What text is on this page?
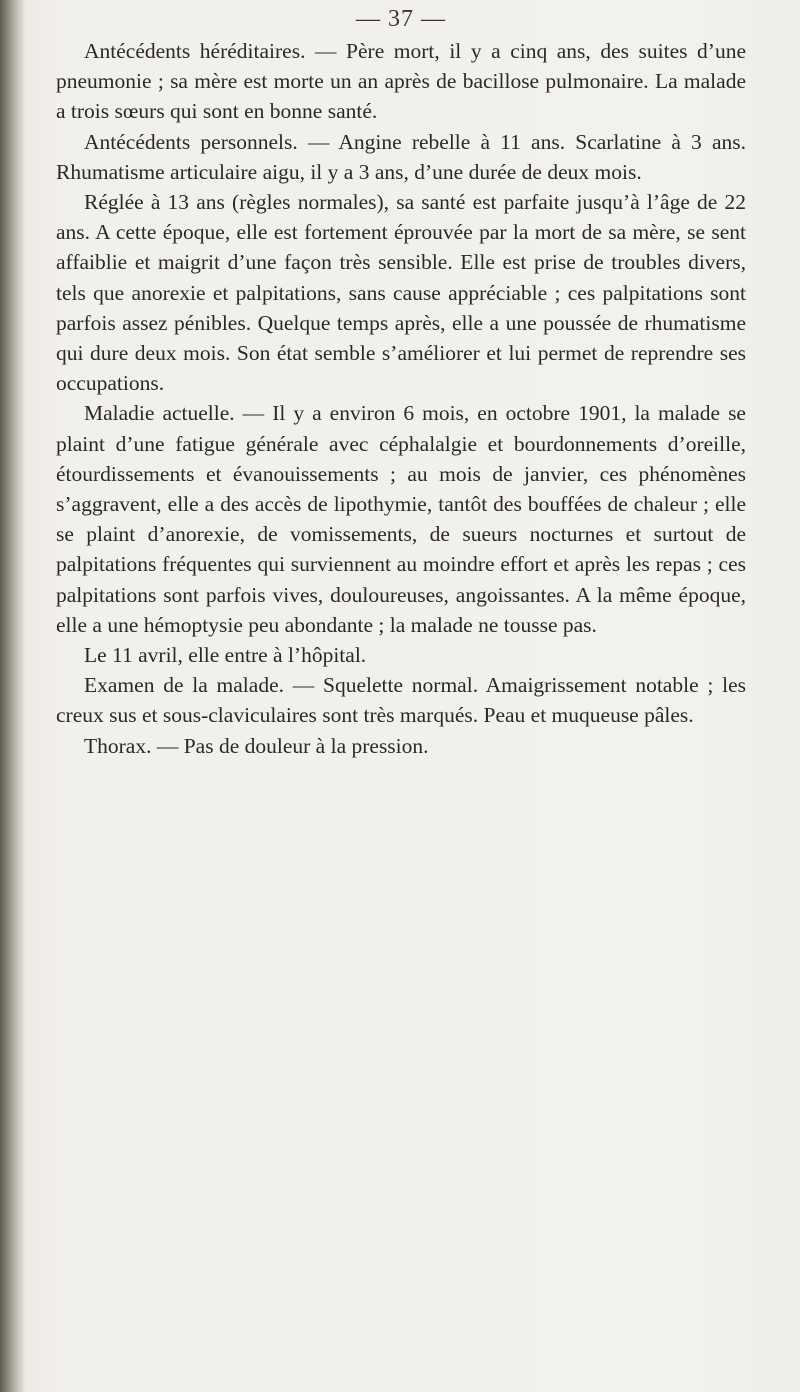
— 37 —

Antécédents héréditaires. — Père mort, il y a cinq ans, des suites d’une pneumonie ; sa mère est morte un an après de bacillose pulmonaire. La malade a trois sœurs qui sont en bonne santé.

Antécédents personnels. — Angine rebelle à 11 ans. Scarlatine à 3 ans. Rhumatisme articulaire aigu, il y a 3 ans, d’une durée de deux mois.

Réglée à 13 ans (règles normales), sa santé est parfaite jusqu’à l’âge de 22 ans. A cette époque, elle est fortement éprouvée par la mort de sa mère, se sent affaiblie et maigrit d’une façon très sensible. Elle est prise de troubles divers, tels que anorexie et palpitations, sans cause appréciable ; ces palpitations sont parfois assez pénibles. Quelque temps après, elle a une poussée de rhumatisme qui dure deux mois. Son état semble s’améliorer et lui permet de reprendre ses occupations.

Maladie actuelle. — Il y a environ 6 mois, en octobre 1901, la malade se plaint d’une fatigue générale avec céphalalgie et bourdonnements d’oreille, étourdissements et évanouissements ; au mois de janvier, ces phénomènes s’aggravent, elle a des accès de lipothymie, tantôt des bouffées de chaleur ; elle se plaint d’anorexie, de vomissements, de sueurs nocturnes et surtout de palpitations fréquentes qui surviennent au moindre effort et après les repas ; ces palpitations sont parfois vives, douloureuses, angoissantes. A la même époque, elle a une hémoptysie peu abondante ; la malade ne tousse pas.

Le 11 avril, elle entre à l’hôpital.

Examen de la malade. — Squelette normal. Amaigrissement notable ; les creux sus et sous-claviculaires sont très marqués. Peau et muqueuse pâles.

Thorax. — Pas de douleur à la pression.
